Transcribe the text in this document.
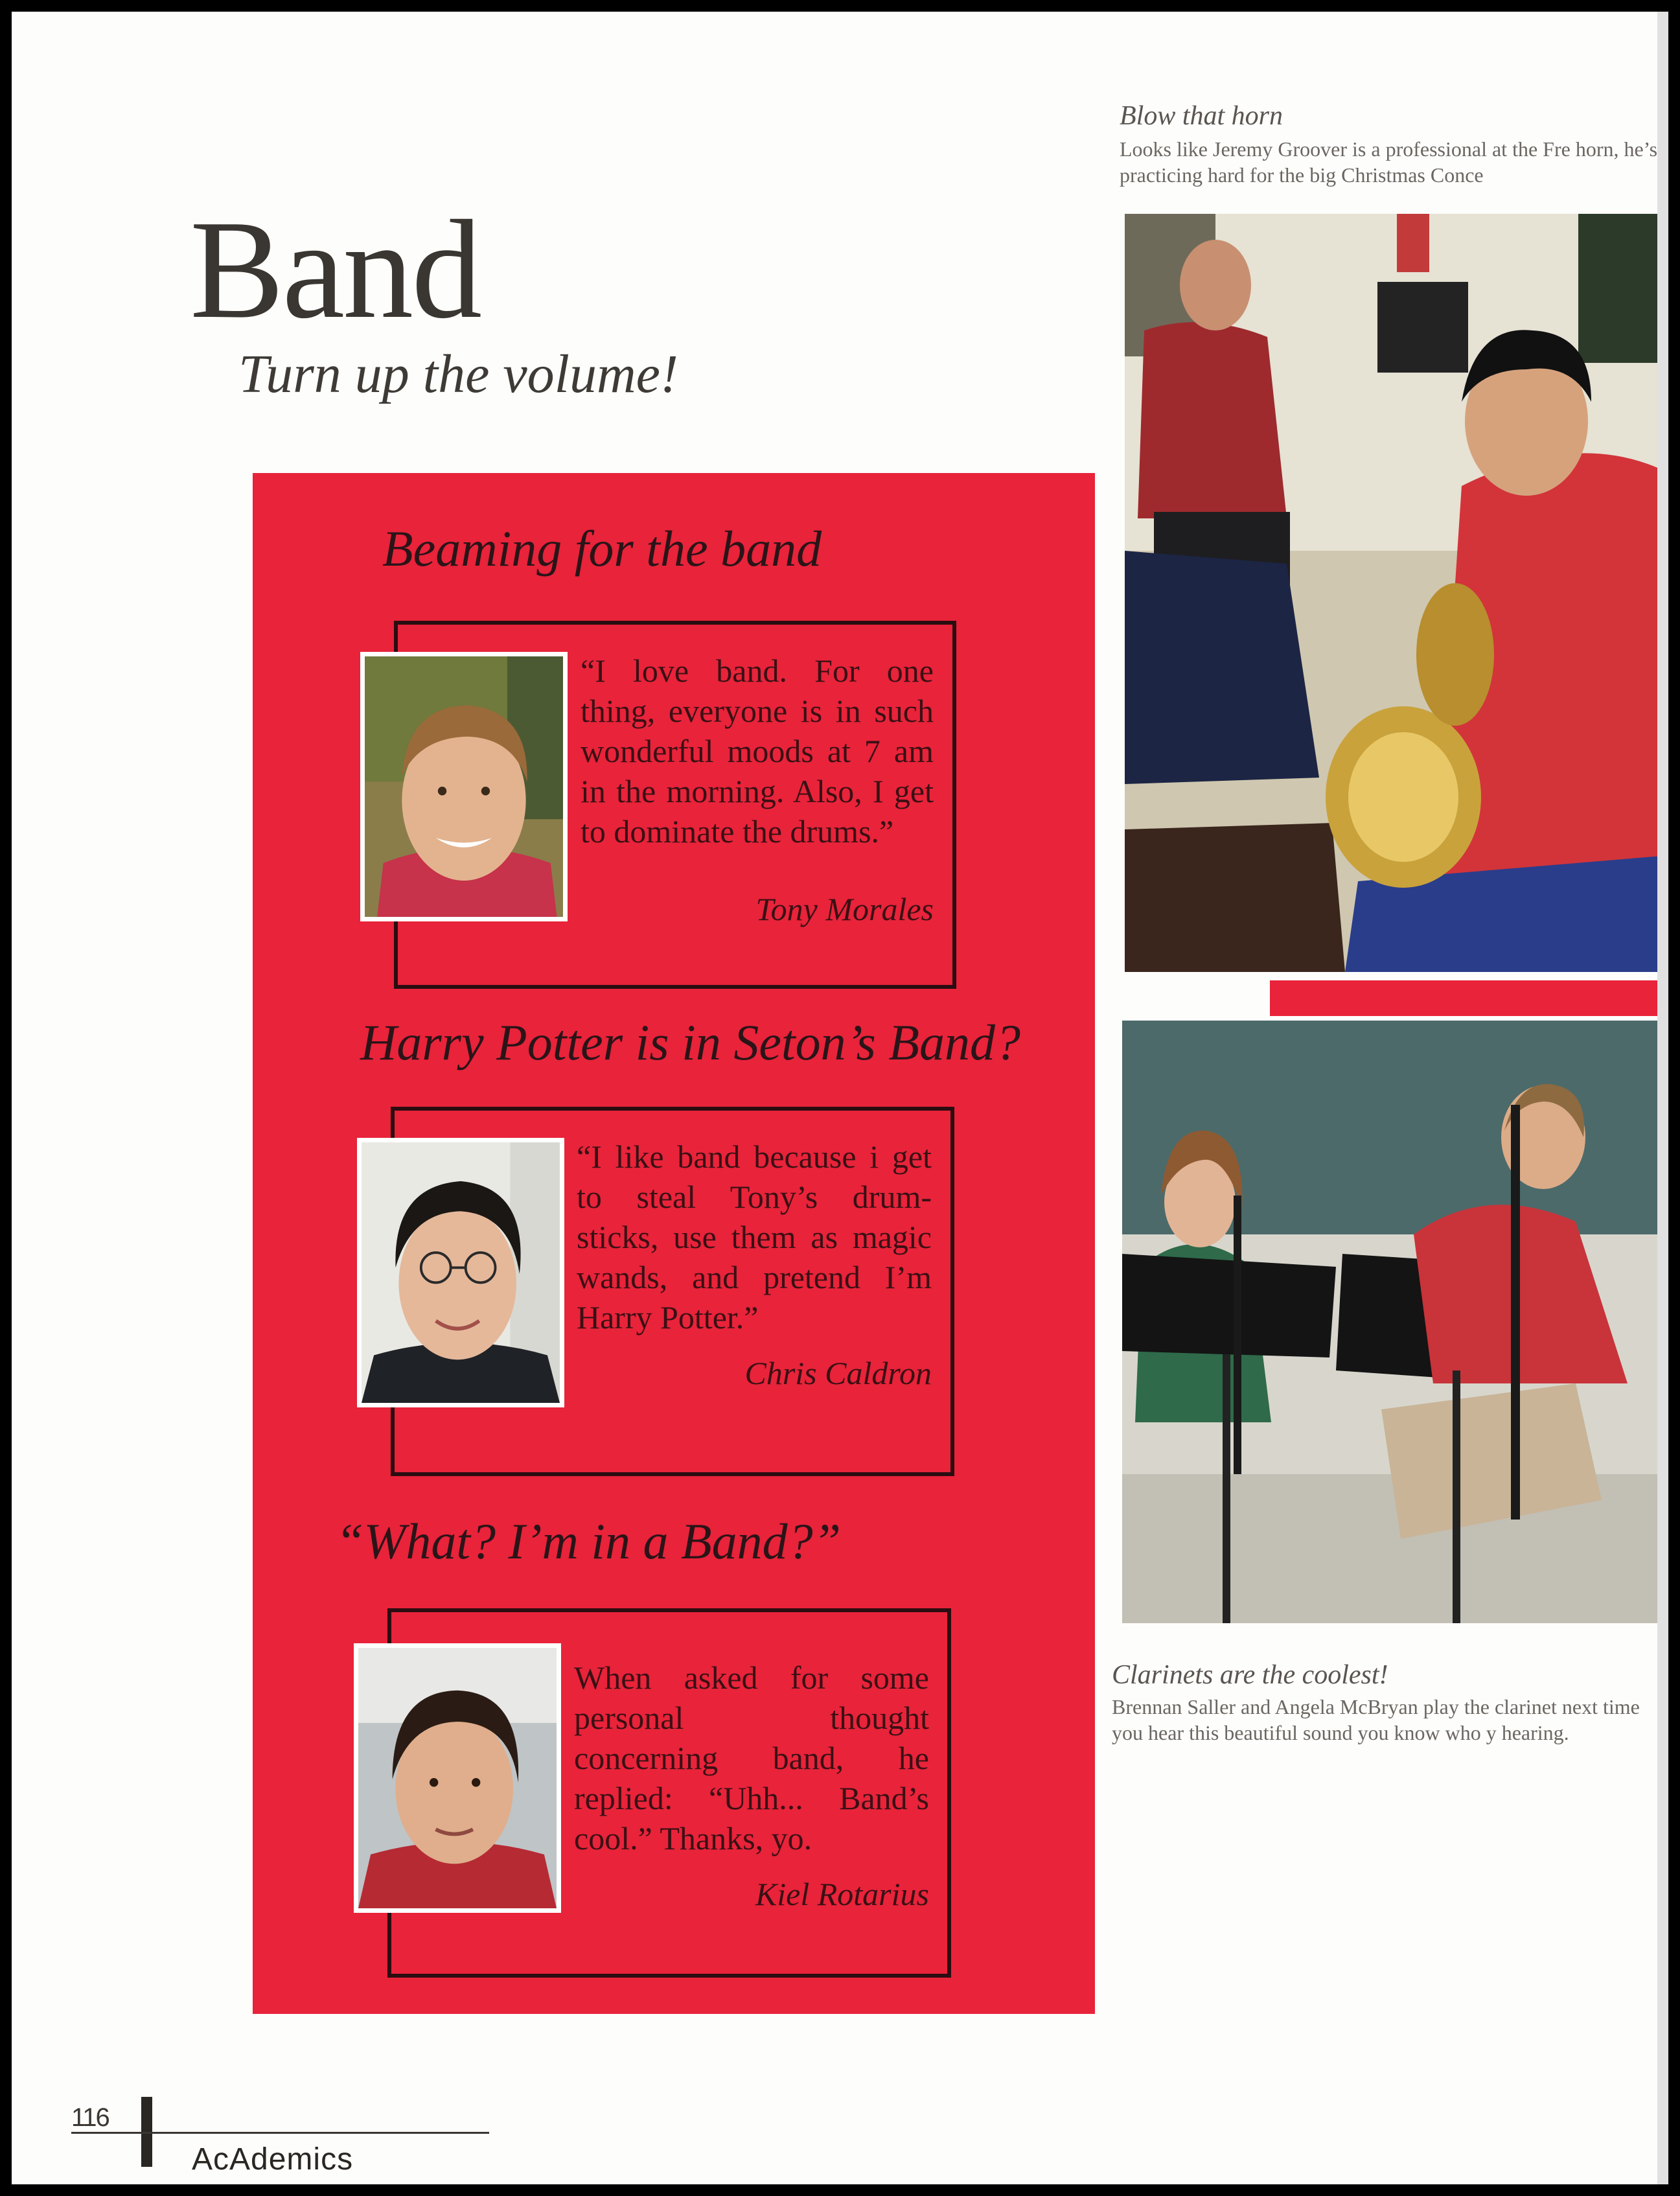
Band
Turn up the volume!
Beaming for the band
“I love band. For one thing, everyone is in such wonderful moods at 7 am in the morning. Also, I get to dominate the drums.”
Tony Morales
Harry Potter is in Seton’s Band?
“I like band because i get to steal Tony’s drum-sticks, use them as magic wands, and pretend I’m Harry Potter.”
Chris Caldron
“What? I’m in a Band?”
When asked for some personal thought concerning band, he replied: “Uhh... Band’s cool.” Thanks, yo.
Kiel Rotarius
Blow that horn
Looks like Jeremy Groover is a professional at the Fre horn, he’s practicing hard for the big Christmas Conce
Clarinets are the coolest!
Brennan Saller and Angela McBryan play the clarinet next time you hear this beautiful sound you know who y hearing.
116
AcAdemics
